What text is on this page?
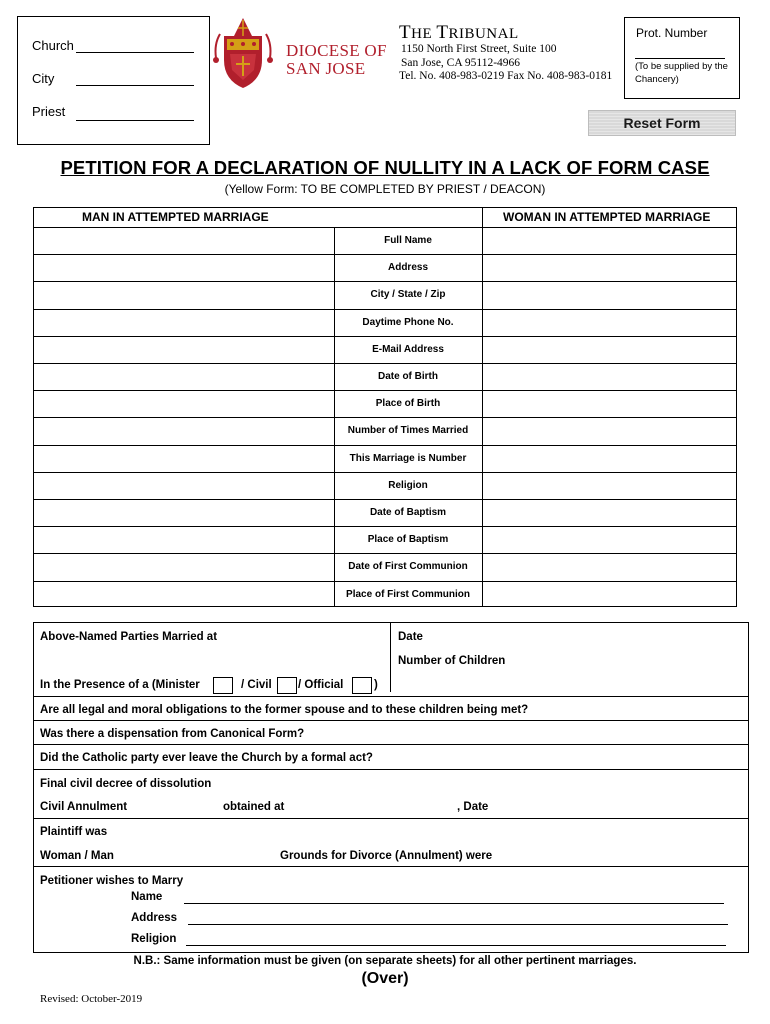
Church
City
Priest
DIOCESE OF
SAN JOSE
THE TRIBUNAL
1150 North First Street, Suite 100
San Jose, CA 95112-4966
Tel. No. 408-983-0219 Fax No. 408-983-0181
Prot. Number
(To be supplied by the Chancery)
Reset Form
PETITION FOR A DECLARATION OF NULLITY IN A LACK OF FORM CASE
(Yellow Form: TO BE COMPLETED BY PRIEST / DEACON)
MAN IN ATTEMPTED MARRIAGE	WOMAN IN ATTEMPTED MARRIAGE
Full Name
Address
City / State / Zip
Daytime Phone No.
E-Mail Address
Date of Birth
Place of Birth
Number of Times Married
This Marriage is Number
Religion
Date of Baptism
Place of Baptism
Date of First Communion
Place of First Communion
Above-Named Parties Married at	Date
Number of Children
In the Presence of a (Minister	/ Civil / Official	)
Are all legal and moral obligations to the former spouse and to these children being met?
Was there a dispensation from Canonical Form?
Did the Catholic party ever leave the Church by a formal act?
Final civil decree of dissolution
Civil Annulment	obtained at	, Date
Plaintiff was
Woman / Man	Grounds for Divorce (Annulment) were
Petitioner wishes to Marry
Name
Address
Religion
N.B.: Same information must be given (on separate sheets) for all other pertinent marriages.
(Over)
Revised: October-2019
